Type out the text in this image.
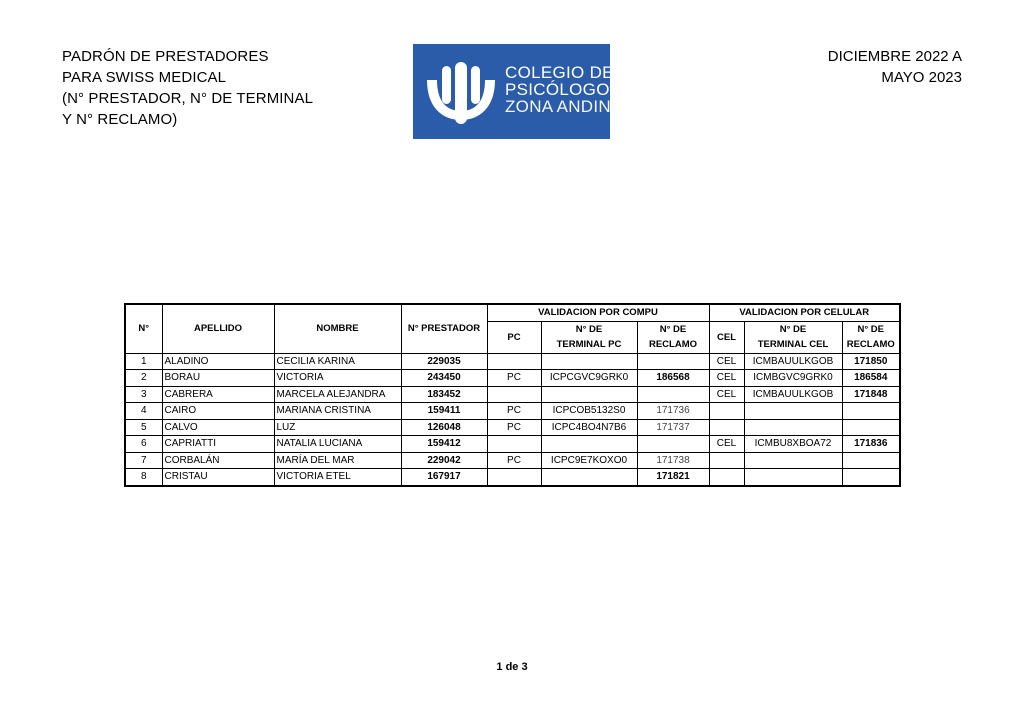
PADRÓN DE PRESTADORES
PARA SWISS MEDICAL
(N° PRESTADOR, N° DE TERMINAL
Y N° RECLAMO)
COLEGIO DE
PSICÓLOGOS
ZONA ANDINA
DICIEMBRE 2022 A
MAYO 2023
N°	APELLIDO	NOMBRE	N° PRESTADOR	VALIDACION POR COMPU			VALIDACION POR CELULAR		
				PC	N° DE	N° DE	CEL	N° DE	N° DE
					TERMINAL PC	RECLAMO		TERMINAL CEL	RECLAMO
1	ALADINO	CECILIA KARINA	229035				CEL	ICMBAUULKGOB	171850
2	BORAU	VICTORIA	243450	PC	ICPCGVC9GRK0	186568	CEL	ICMBGVC9GRK0	186584
3	CABRERA	MARCELA ALEJANDRA	183452				CEL	ICMBAUULKGOB	171848
4	CAIRO	MARIANA CRISTINA	159411	PC	ICPCOB5132S0	171736			
5	CALVO	LUZ	126048	PC	ICPC4BO4N7B6	171737			
6	CAPRIATTI	NATALIA LUCIANA	159412				CEL	ICMBU8XBOA72	171836
7	CORBALÁN	MARÍA DEL MAR	229042	PC	ICPC9E7KOXO0	171738			
8	CRISTAU	VICTORIA ETEL	167917			171821			
1 de 3
